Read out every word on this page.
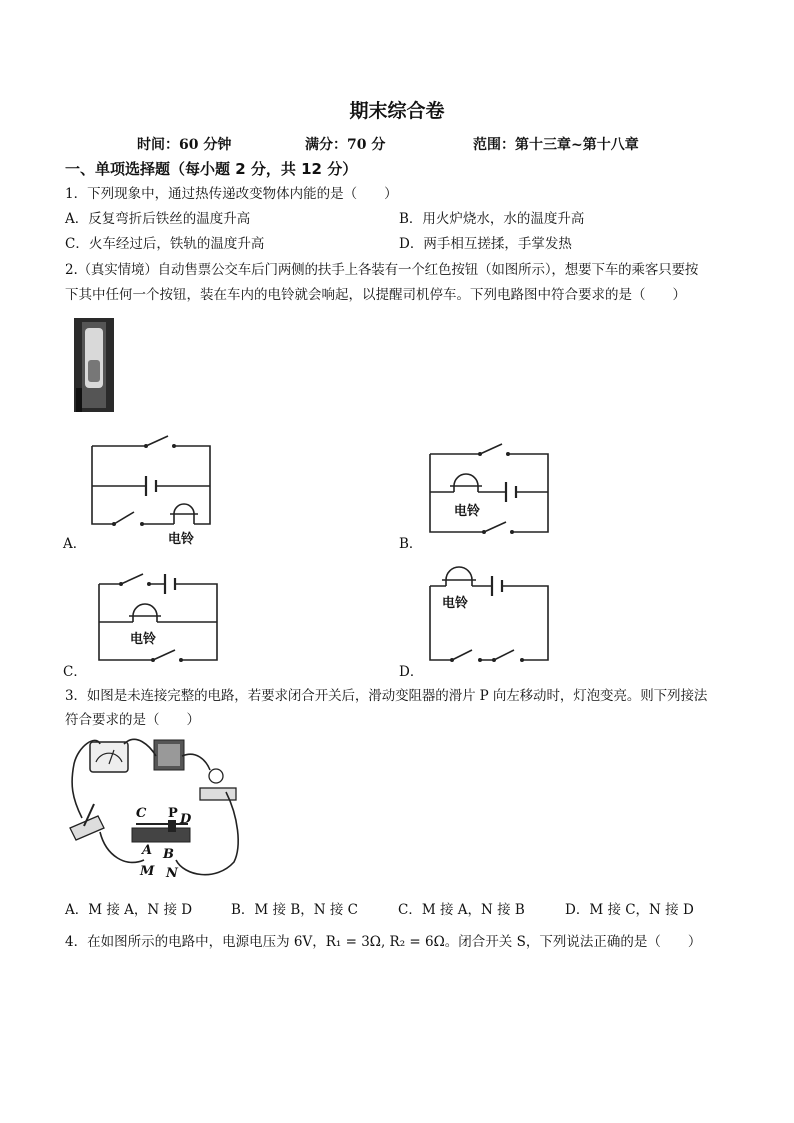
期末综合卷
时间：60 分钟	满分：70 分	范围：第十三章~第十八章
一、单项选择题（每小题 2 分，共 12 分）
1．下列现象中，通过热传递改变物体内能的是（　　）
A．反复弯折后铁丝的温度升高	B．用火炉烧水，水的温度升高
C．火车经过后，铁轨的温度升高	D．两手相互搓揉，手掌发热
2.（真实情境）自动售票公交车后门两侧的扶手上各装有一个红色按钮（如图所示），想要下车的乘客只要按
下其中任何一个按钮，装在车内的电铃就会响起，以提醒司机停车。下列电路图中符合要求的是（　　）
A．	电铃	B．
电铃
C．
电铃
D．
电铃
3．如图是未连接完整的电路，若要求闭合开关后，滑动变阻器的滑片 P 向左移动时，灯泡变亮。则下列接法
符合要求的是（　　）
C P D
A B
M N
A．M 接 A，N 接 D	B．M 接 B，N 接 C	C．M 接 A，N 接 B	D．M 接 C，N 接 D
4．在如图所示的电路中，电源电压为 6V，R₁ = 3Ω, R₂ = 6Ω。闭合开关 S，下列说法正确的是（　　）
